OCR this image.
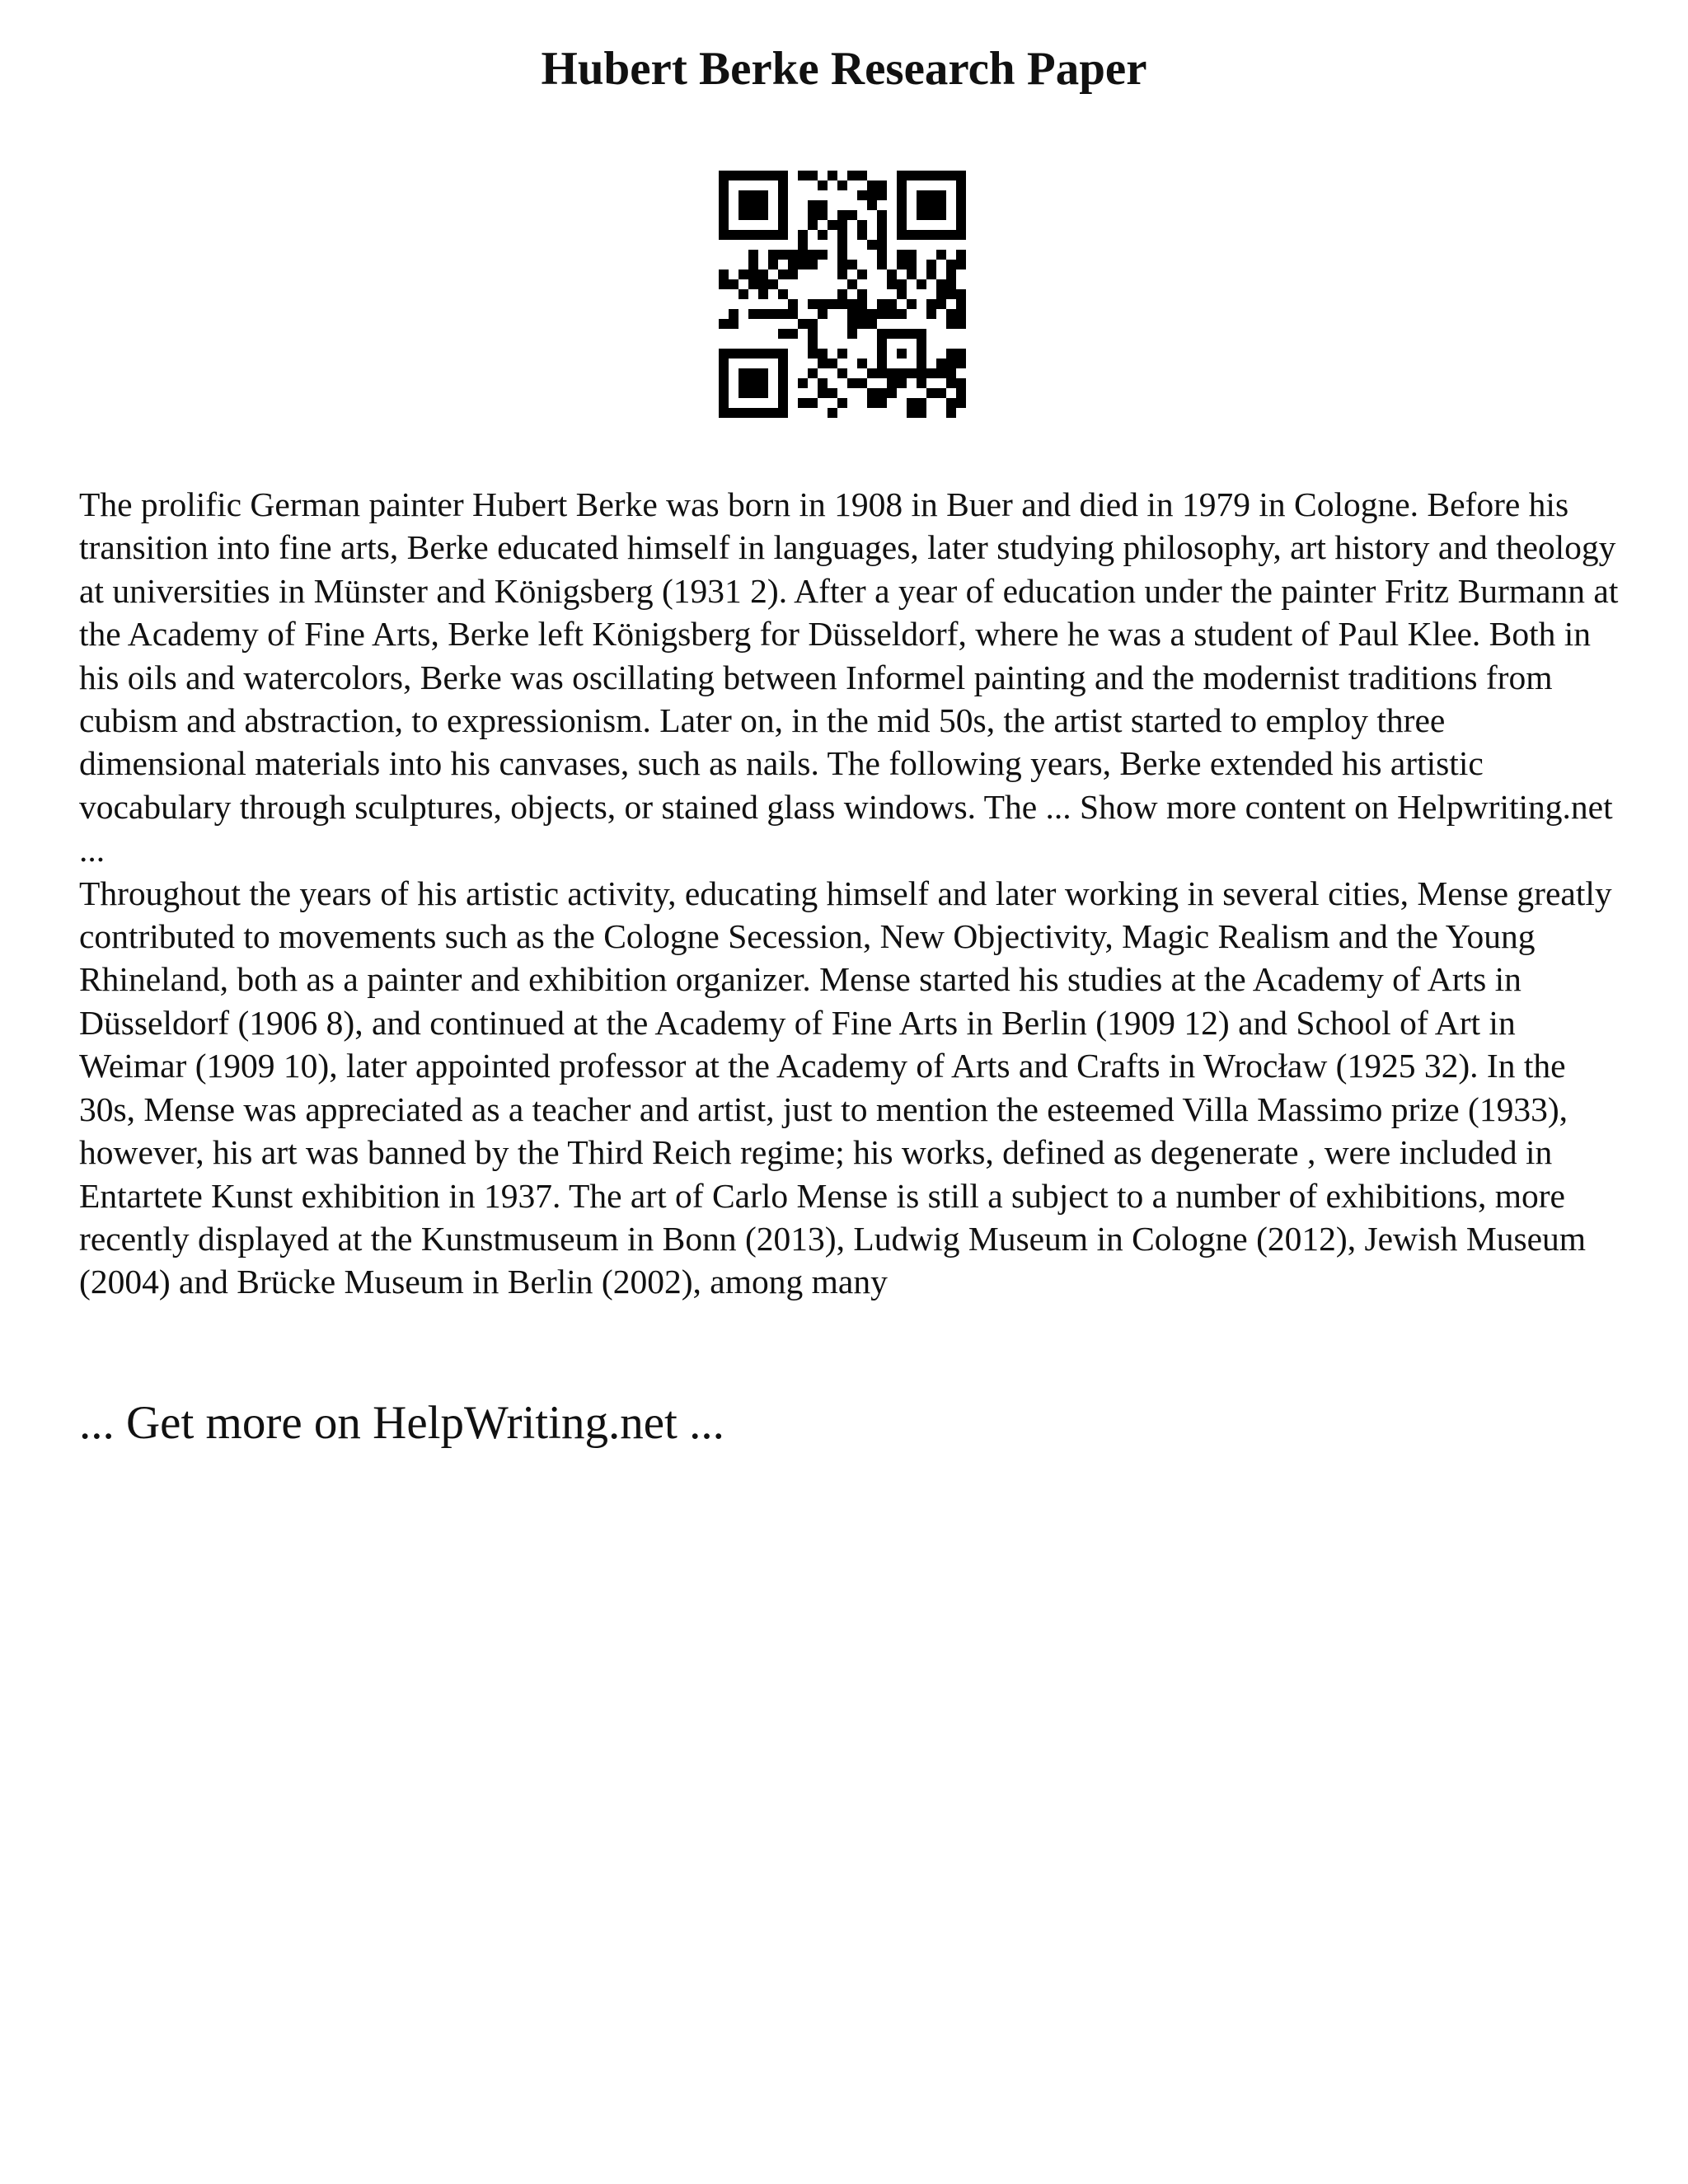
Hubert Berke Research Paper

The prolific German painter Hubert Berke was born in 1908 in Buer and died in 1979 in Cologne. Before his transition into fine arts, Berke educated himself in languages, later studying philosophy, art history and theology at universities in Münster and Königsberg (1931 2). After a year of education under the painter Fritz Burmann at the Academy of Fine Arts, Berke left Königsberg for Düsseldorf, where he was a student of Paul Klee. Both in his oils and watercolors, Berke was oscillating between Informel painting and the modernist traditions from cubism and abstraction, to expressionism. Later on, in the mid 50s, the artist started to employ three dimensional materials into his canvases, such as nails. The following years, Berke extended his artistic vocabulary through sculptures, objects, or stained glass windows. The ... Show more content on Helpwriting.net ...

Throughout the years of his artistic activity, educating himself and later working in several cities, Mense greatly contributed to movements such as the Cologne Secession, New Objectivity, Magic Realism and the Young Rhineland, both as a painter and exhibition organizer. Mense started his studies at the Academy of Arts in Düsseldorf (1906 8), and continued at the Academy of Fine Arts in Berlin (1909 12) and School of Art in Weimar (1909 10), later appointed professor at the Academy of Arts and Crafts in Wrocław (1925 32). In the 30s, Mense was appreciated as a teacher and artist, just to mention the esteemed Villa Massimo prize (1933), however, his art was banned by the Third Reich regime; his works, defined as degenerate , were included in Entartete Kunst exhibition in 1937. The art of Carlo Mense is still a subject to a number of exhibitions, more recently displayed at the Kunstmuseum in Bonn (2013), Ludwig Museum in Cologne (2012), Jewish Museum (2004) and Brücke Museum in Berlin (2002), among many

... Get more on HelpWriting.net ...
